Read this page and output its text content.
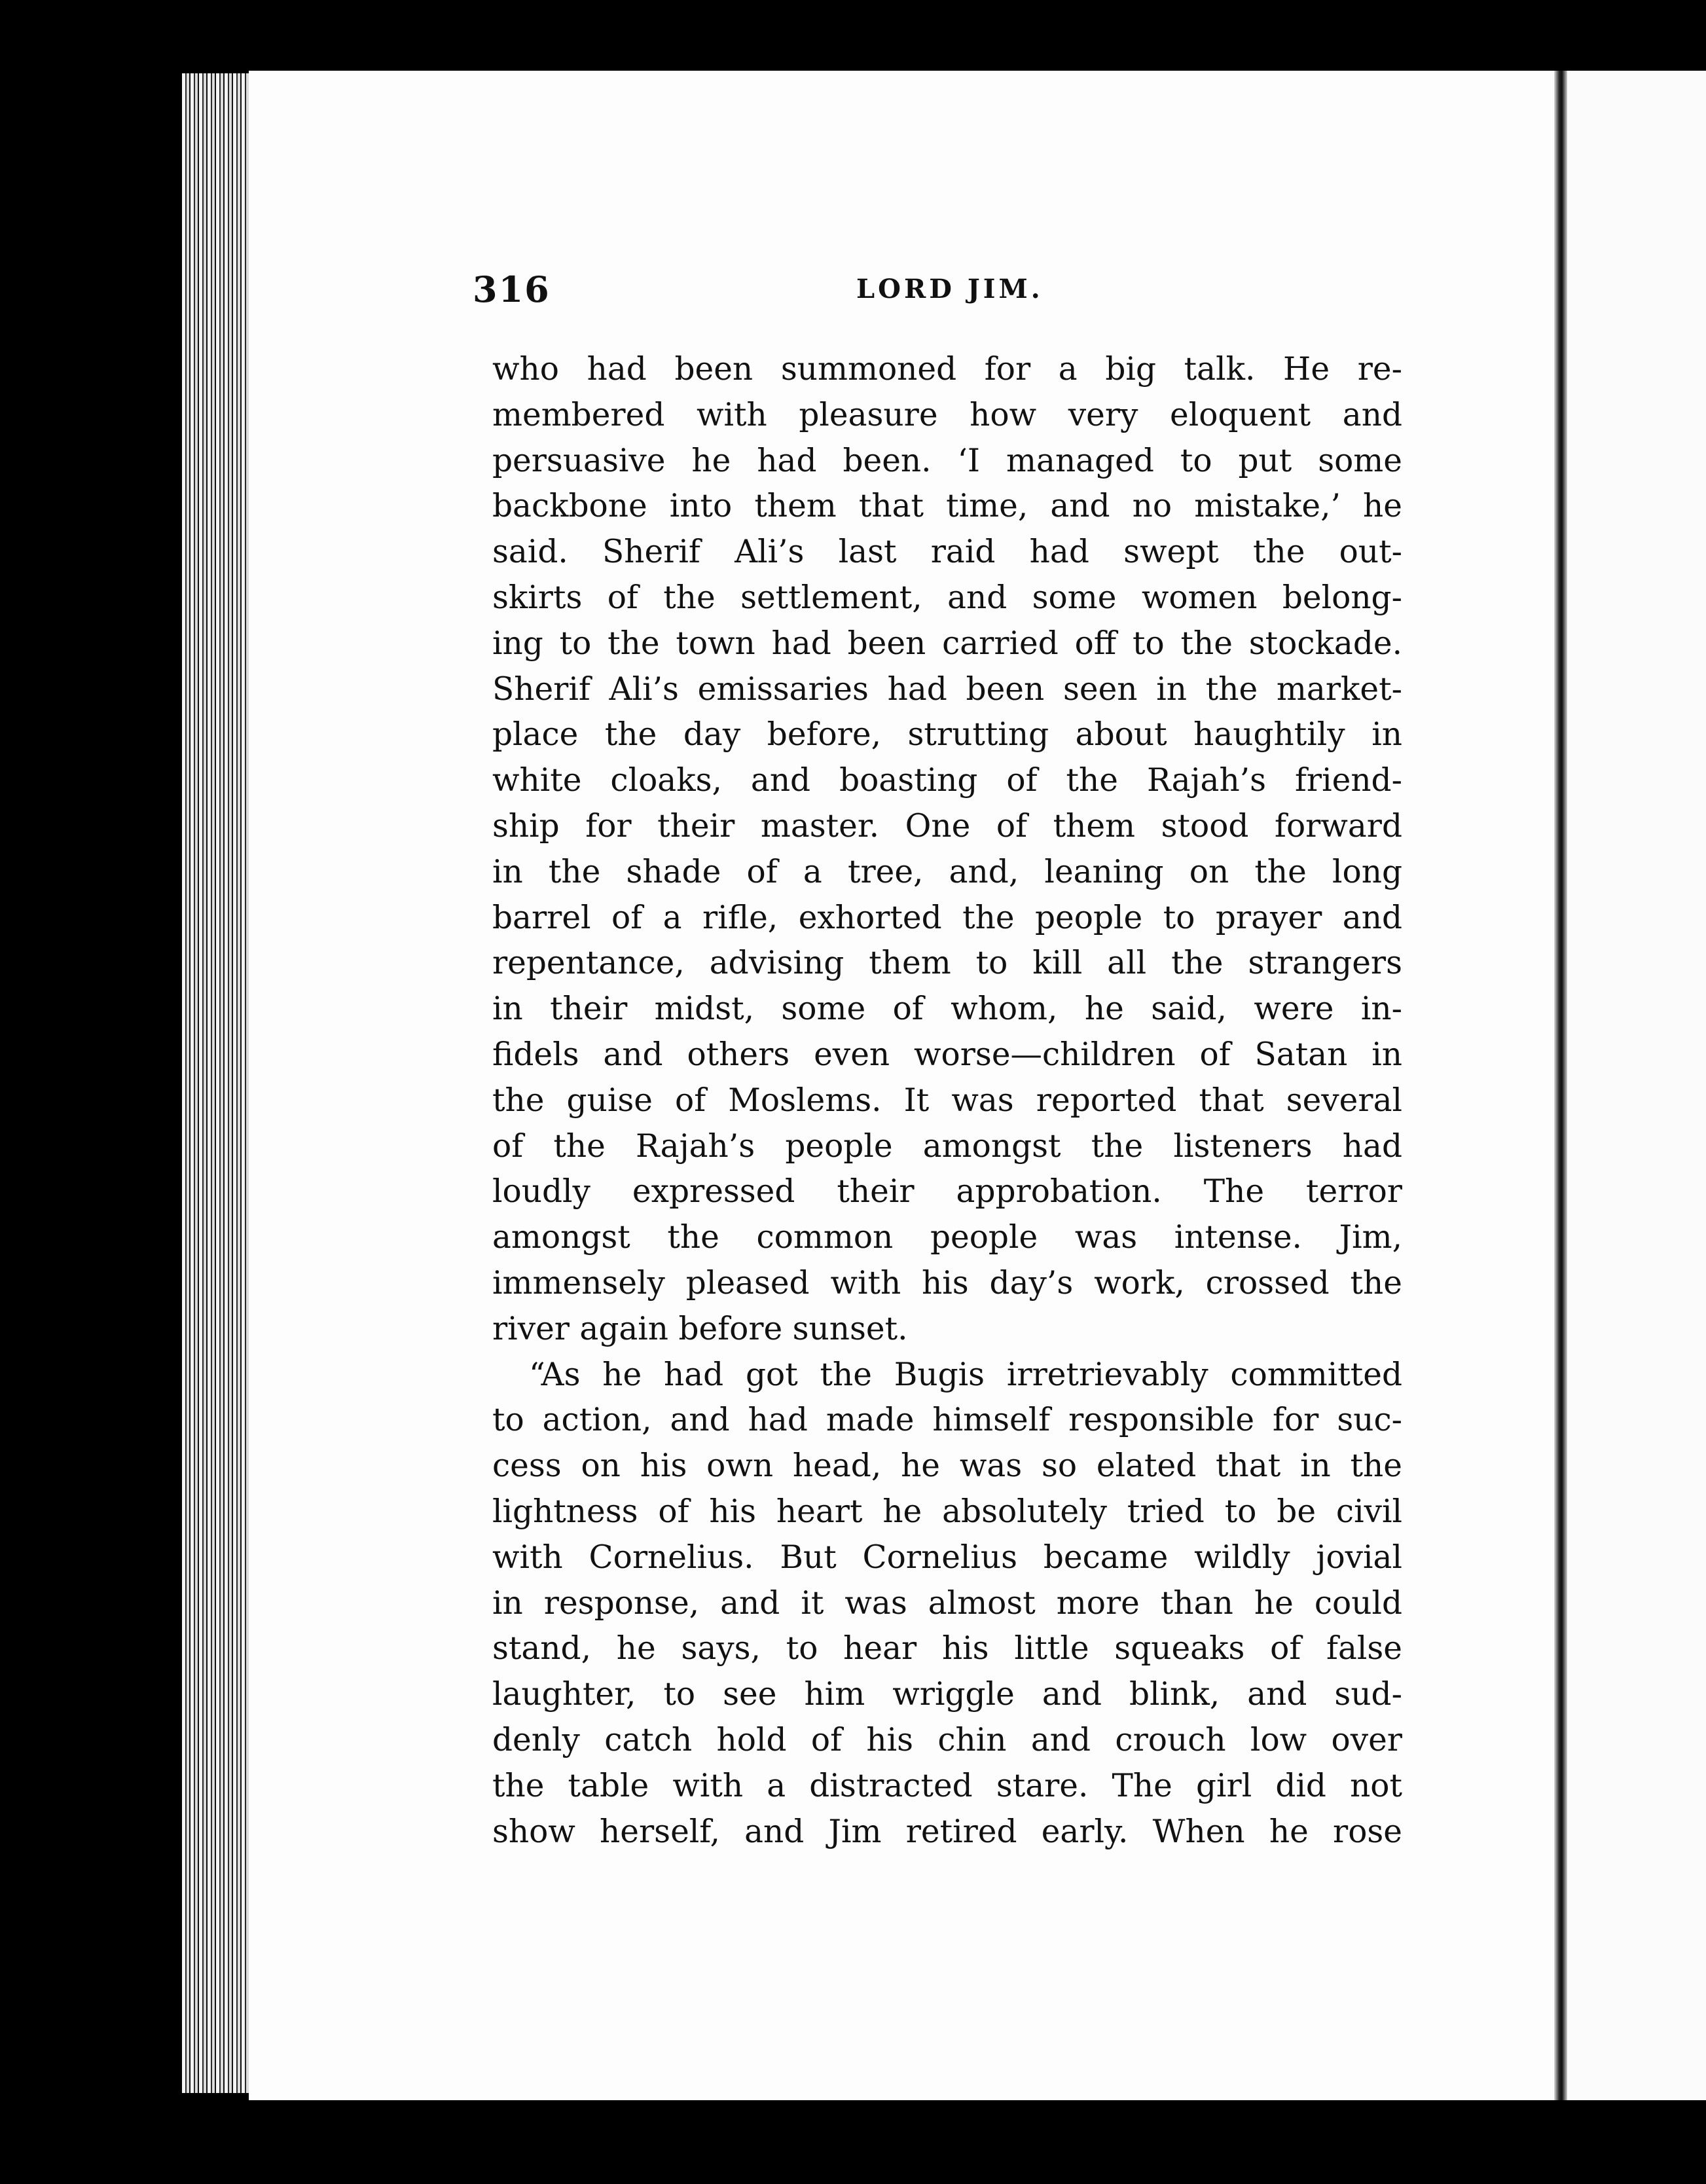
316	LORD JIM.
who had been summoned for a big talk. He re-
membered with pleasure how very eloquent and
persuasive he had been. ‘I managed to put some
backbone into them that time, and no mistake,’ he
said. Sherif Ali’s last raid had swept the out-
skirts of the settlement, and some women belong-
ing to the town had been carried off to the stockade.
Sherif Ali’s emissaries had been seen in the market-
place the day before, strutting about haughtily in
white cloaks, and boasting of the Rajah’s friend-
ship for their master. One of them stood forward
in the shade of a tree, and, leaning on the long
barrel of a rifle, exhorted the people to prayer and
repentance, advising them to kill all the strangers
in their midst, some of whom, he said, were in-
fidels and others even worse—children of Satan in
the guise of Moslems. It was reported that several
of the Rajah’s people amongst the listeners had
loudly expressed their approbation. The terror
amongst the common people was intense. Jim,
immensely pleased with his day’s work, crossed the
river again before sunset.
“As he had got the Bugis irretrievably committed
to action, and had made himself responsible for suc-
cess on his own head, he was so elated that in the
lightness of his heart he absolutely tried to be civil
with Cornelius. But Cornelius became wildly jovial
in response, and it was almost more than he could
stand, he says, to hear his little squeaks of false
laughter, to see him wriggle and blink, and sud-
denly catch hold of his chin and crouch low over
the table with a distracted stare. The girl did not
show herself, and Jim retired early. When he rose
